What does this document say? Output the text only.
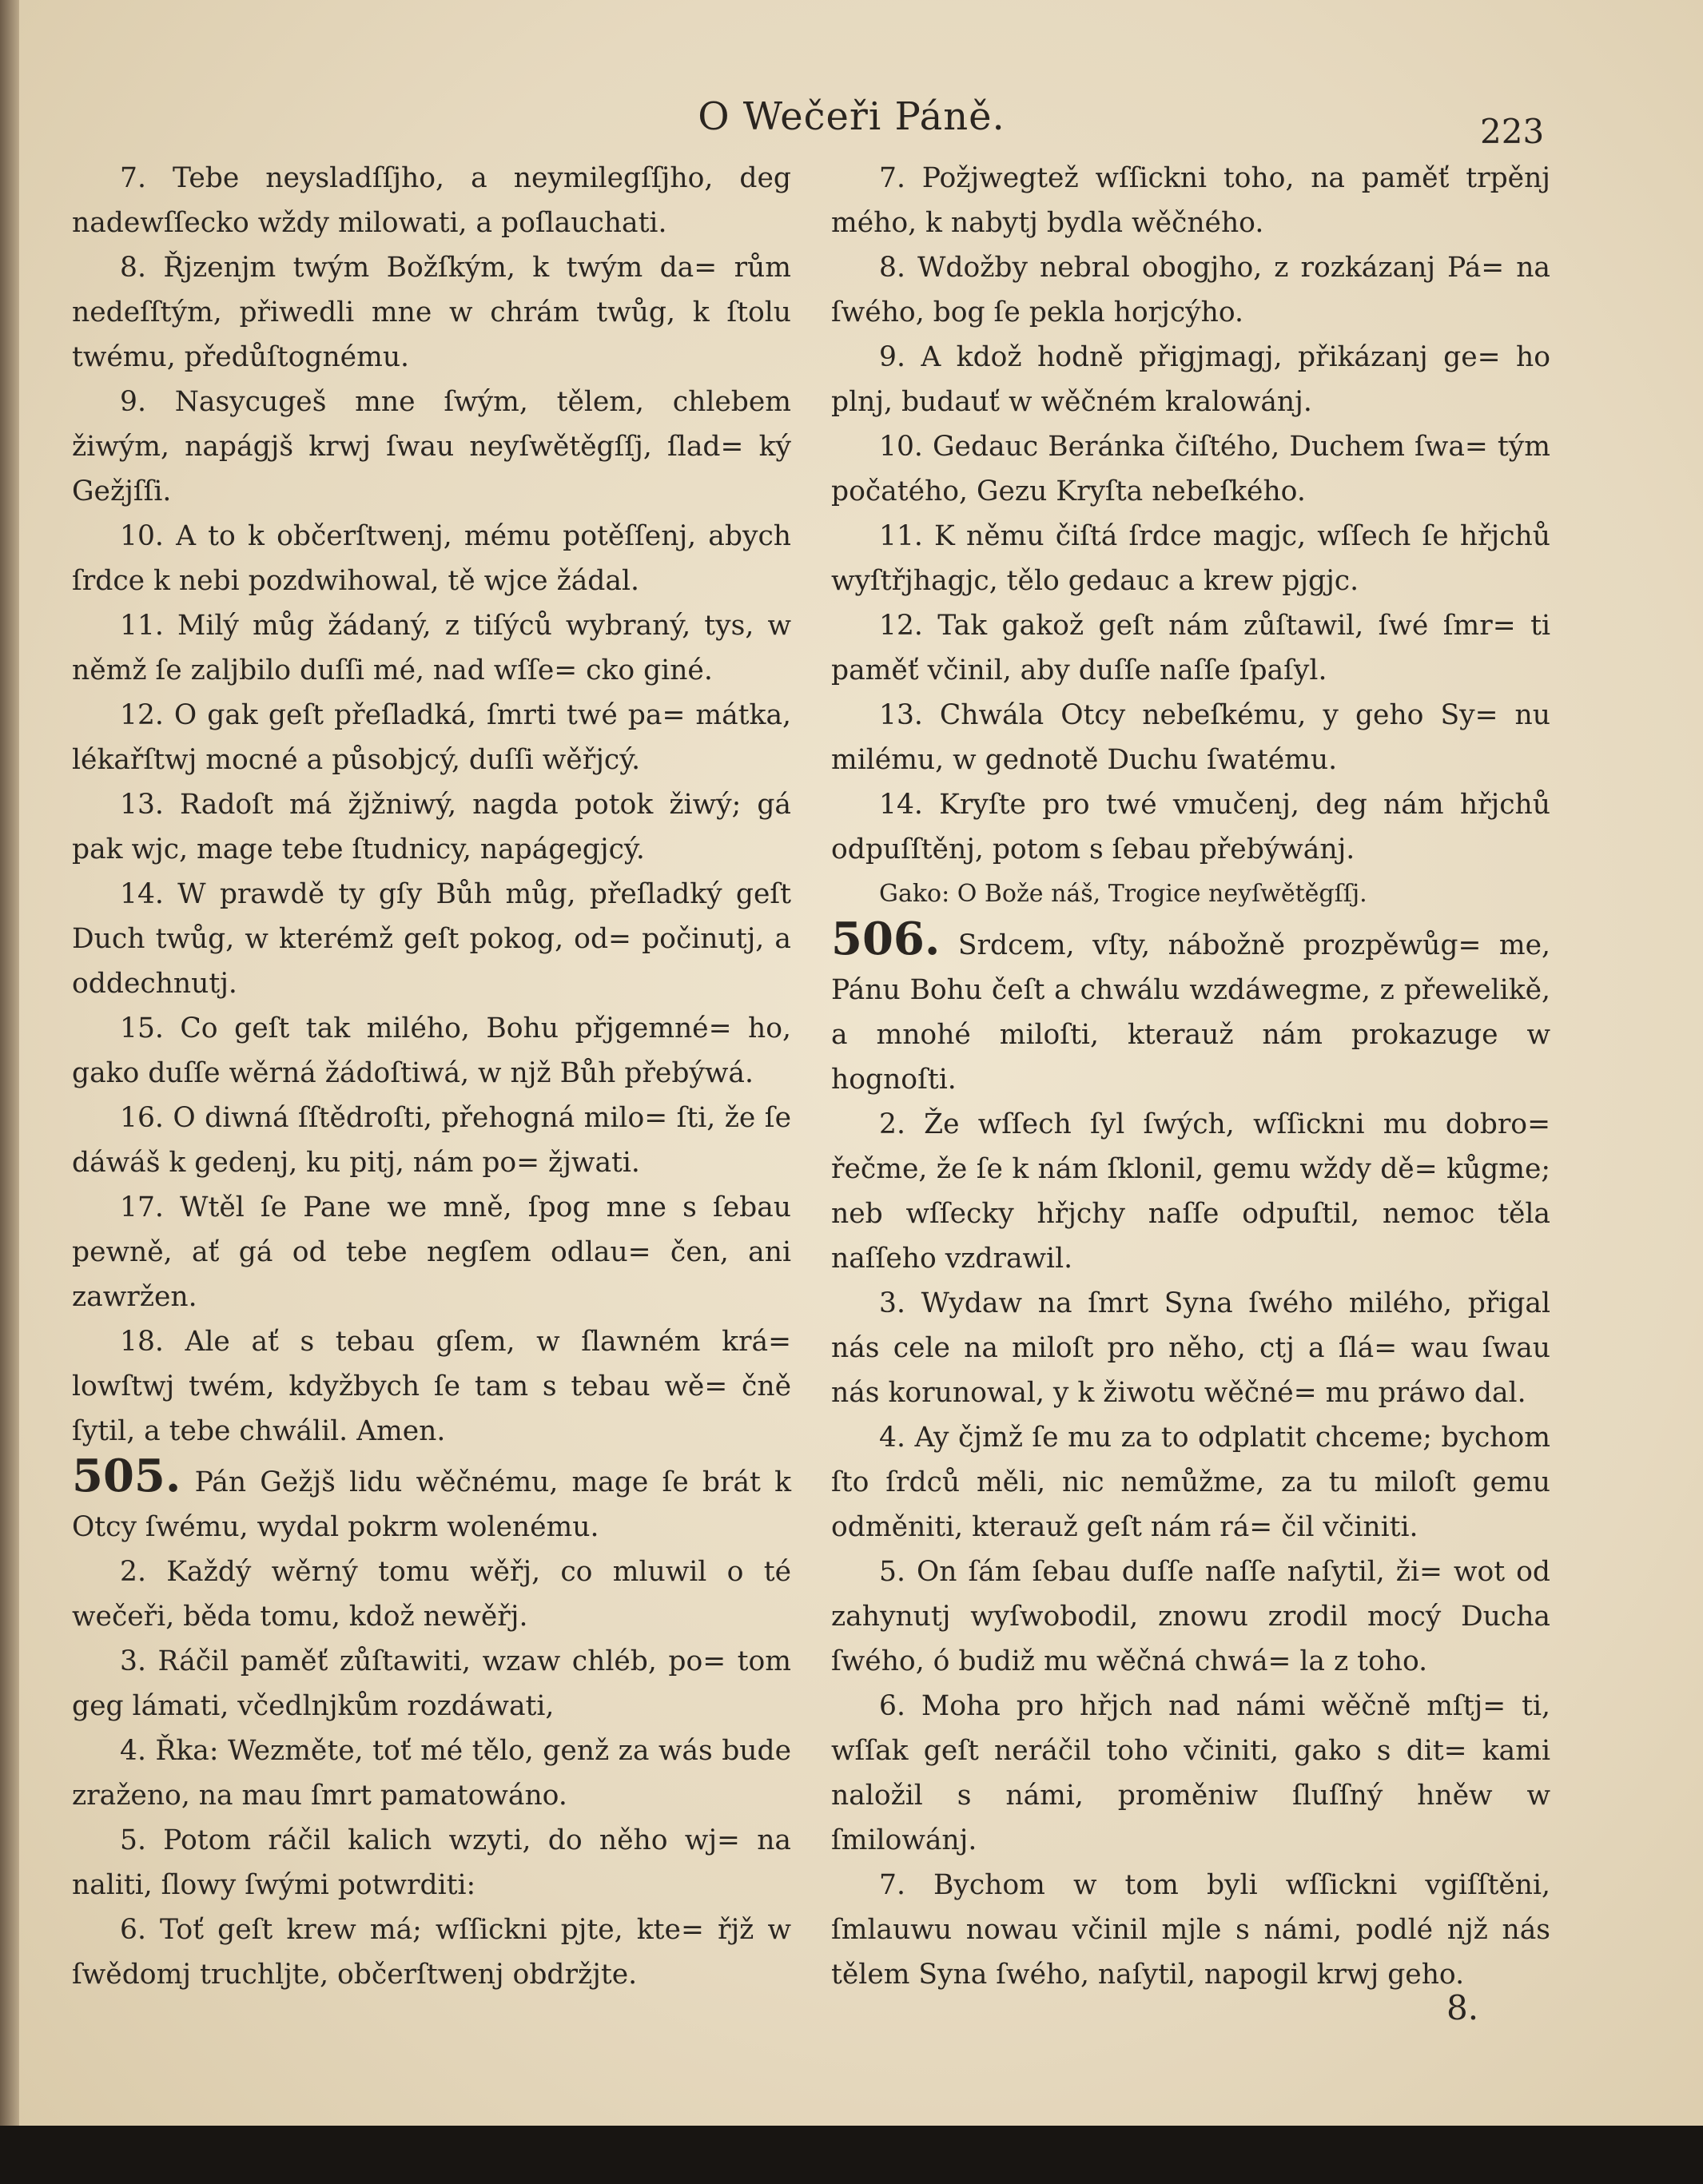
O Wečeři Páně.	223

7. Tebe neysladſſjho, a neymilegſſjho, deg nadewſſecko wždy milowati, a poſlauchati.

8. Řjzenjm twým Božſkým, k twým da= rům nedeſſtým, přiwedli mne w chrám twůg, k ſtolu twému, předůſtognému.

9. Nasycugeš mne ſwým, tělem, chlebem žiwým, napágjš krwj ſwau neyſwětěgſſj, ſlad= ký Gežjſſi.

10. A to k občerſtwenj, mému potěſſenj, abych ſrdce k nebi pozdwihowal, tě wjce žádal.

11. Milý můg žádaný, z tiſýců wybraný, tys, w němž ſe zaljbilo duſſi mé, nad wſſe= cko giné.

12. O gak geſt přeſladká, ſmrti twé pa= mátka, lékařſtwj mocné a působjcý, duſſi wěřjcý.

13. Radoſt má žjžniwý, nagda potok žiwý; gá pak wjc, mage tebe ſtudnicy, napágegjcý.

14. W prawdě ty gſy Bůh můg, přeſladký geſt Duch twůg, w kterémž geſt pokog, od= počinutj, a oddechnutj.

15. Co geſt tak milého, Bohu přjgemné= ho, gako duſſe wěrná žádoſtiwá, w njž Bůh přebýwá.

16. O diwná ſſtědroſti, přehogná milo= ſti, že ſe dáwáš k gedenj, ku pitj, nám po= žjwati.

17. Wtěl ſe Pane we mně, ſpog mne s ſebau pewně, ať gá od tebe negſem odlau= čen, ani zawržen.

18. Ale ať s tebau gſem, w ſlawném krá= lowſtwj twém, kdyžbych ſe tam s tebau wě= čně ſytil, a tebe chwálil. Amen.

505. Pán Gežjš lidu wěčnému, mage ſe brát k Otcy ſwému, wydal pokrm wolenému.

2. Každý wěrný tomu wěřj, co mluwil o té wečeři, běda tomu, kdož newěřj.

3. Ráčil paměť zůſtawiti, wzaw chléb, po= tom geg lámati, včedlnjkům rozdáwati,

4. Řka: Wezměte, toť mé tělo, genž za wás bude zraženo, na mau ſmrt pamatowáno.

5. Potom ráčil kalich wzyti, do něho wj= na naliti, ſlowy ſwými potwrditi:

6. Toť geſt krew má; wſſickni pjte, kte= řjž w ſwědomj truchljte, občerſtwenj obdržjte.

7. Požjwegtež wſſickni toho, na paměť trpěnj mého, k nabytj bydla wěčného.

8. Wdožby nebral obogjho, z rozkázanj Pá= na ſwého, bog ſe pekla horjcýho.

9. A kdož hodně přigjmagj, přikázanj ge= ho plnj, budauť w wěčném kralowánj.

10. Gedauc Beránka čiſtého, Duchem ſwa= tým počatého, Gezu Kryſta nebeſkého.

11. K němu čiſtá ſrdce magjc, wſſech ſe hřjchů wyſtřjhagjc, tělo gedauc a krew pjgjc.

12. Tak gakož geſt nám zůſtawil, ſwé ſmr= ti paměť včinil, aby duſſe naſſe ſpaſyl.

13. Chwála Otcy nebeſkému, y geho Sy= nu milému, w gednotě Duchu ſwatému.

14. Kryſte pro twé vmučenj, deg nám hřjchů odpuſſtěnj, potom s ſebau přebýwánj.

Gako: O Bože náš, Trogice neyſwětěgſſj.

506. Srdcem, vſty, nábožně prozpěwůg= me, Pánu Bohu čeſt a chwálu wzdáwegme, z přewelikě, a mnohé miloſti, kterauž nám prokazuge w hognoſti.

2. Že wſſech ſyl ſwých, wſſickni mu dobro= řečme, že ſe k nám ſklonil, gemu wždy dě= kůgme; neb wſſecky hřjchy naſſe odpuſtil, nemoc těla naſſeho vzdrawil.

3. Wydaw na ſmrt Syna ſwého milého, přigal nás cele na miloſt pro něho, ctj a ſlá= wau ſwau nás korunowal, y k žiwotu wěčné= mu práwo dal.

4. Ay čjmž ſe mu za to odplatit chceme; bychom ſto ſrdců měli, nic nemůžme, za tu miloſt gemu odměniti, kterauž geſt nám rá= čil včiniti.

5. On ſám ſebau duſſe naſſe naſytil, ži= wot od zahynutj wyſwobodil, znowu zrodil mocý Ducha ſwého, ó budiž mu wěčná chwá= la z toho.

6. Mohа pro hřjch nad námi wěčně mſtj= ti, wſſak geſt neráčil toho včiniti, gako s dit= kami naložil s námi, proměniw ſluſſný hněw w ſmilowánj.

7. Bychom w tom byli wſſickni vgiſſtěni, ſmlauwu nowau včinil mjle s námi, podlé njž nás tělem Syna ſwého, naſytil, napogil krwj geho.

8.
